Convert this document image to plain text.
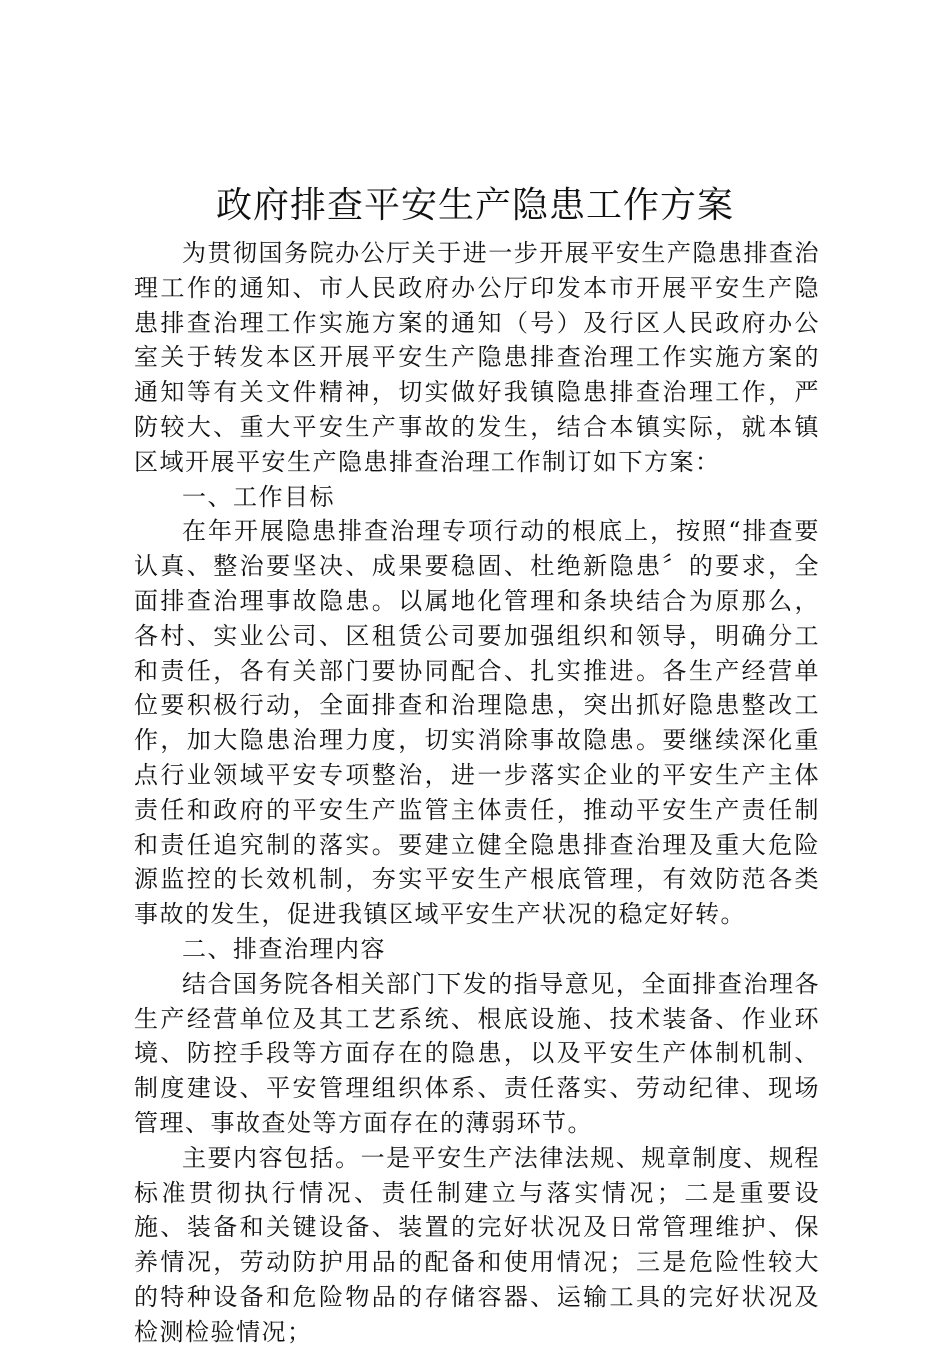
政府排查平安生产隐患工作方案

为贯彻国务院办公厅关于进一步开展平安生产隐患排查治理工作的通知、市人民政府办公厅印发本市开展平安生产隐患排查治理工作实施方案的通知（号）及行区人民政府办公室关于转发本区开展平安生产隐患排查治理工作实施方案的通知等有关文件精神，切实做好我镇隐患排查治理工作，严防较大、重大平安生产事故的发生，结合本镇实际，就本镇区域开展平安生产隐患排查治理工作制订如下方案：

一、工作目标

在年开展隐患排查治理专项行动的根底上，按照“排查要认真、整治要坚决、成果要稳固、杜绝新隐患〞的要求，全面排查治理事故隐患。以属地化管理和条块结合为原那么，各村、实业公司、区租赁公司要加强组织和领导，明确分工和责任，各有关部门要协同配合、扎实推进。各生产经营单位要积极行动，全面排查和治理隐患，突出抓好隐患整改工作，加大隐患治理力度，切实消除事故隐患。要继续深化重点行业领域平安专项整治，进一步落实企业的平安生产主体责任和政府的平安生产监管主体责任，推动平安生产责任制和责任追究制的落实。要建立健全隐患排查治理及重大危险源监控的长效机制，夯实平安生产根底管理，有效防范各类事故的发生，促进我镇区域平安生产状况的稳定好转。

二、排查治理内容

结合国务院各相关部门下发的指导意见，全面排查治理各生产经营单位及其工艺系统、根底设施、技术装备、作业环境、防控手段等方面存在的隐患，以及平安生产体制机制、制度建设、平安管理组织体系、责任落实、劳动纪律、现场管理、事故查处等方面存在的薄弱环节。

主要内容包括。一是平安生产法律法规、规章制度、规程标准贯彻执行情况、责任制建立与落实情况；二是重要设施、装备和关键设备、装置的完好状况及日常管理维护、保养情况，劳动防护用品的配备和使用情况；三是危险性较大的特种设备和危险物品的存储容器、运输工具的完好状况及检测检验情况；
